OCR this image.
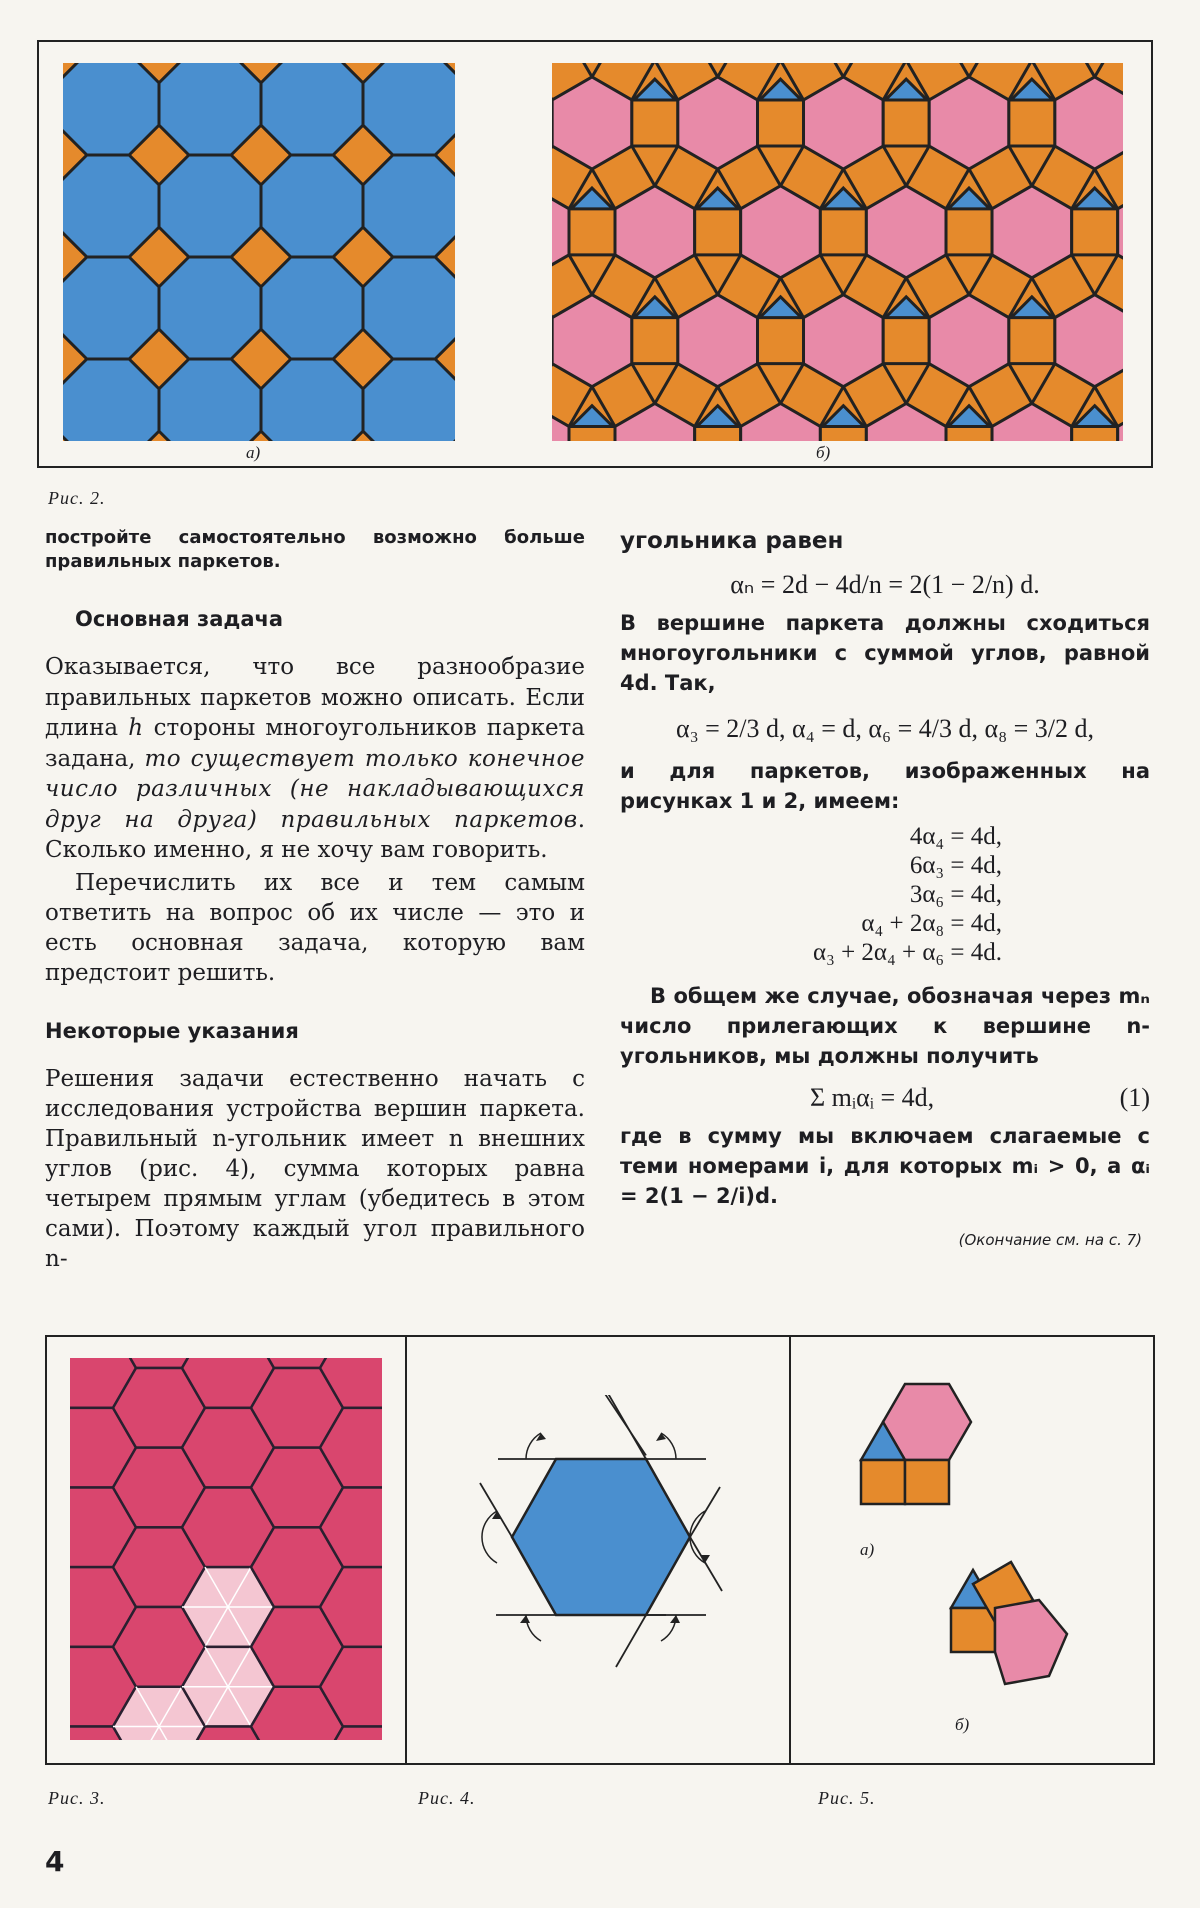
а)	б)
Рис. 2.

постройте самостоятельно возможно больше правильных паркетов.

Основная задача

Оказывается, что все разнообразие правильных паркетов можно описать. Если длина h стороны многоугольников паркета задана, то существует только конечное число различных (не накладывающихся друг на друга) правильных паркетов. Сколько именно, я не хочу вам говорить.

Перечислить их все и тем самым ответить на вопрос об их числе — это и есть основная задача, которую вам предстоит решить.

Некоторые указания

Решения задачи естественно начать с исследования устройства вершин паркета. Правильный n-угольник имеет n внешних углов (рис. 4), сумма которых равна четырем прямым углам (убедитесь в этом сами). Поэтому каждый угол правильного n-

угольника равен

αₙ = 2d − 4d/n = 2(1 − 2/n) d.

В вершине паркета должны сходиться многоугольники с суммой углов, равной 4d. Так,

α₃ = 2/3 d, α₄ = d, α₆ = 4/3 d, α₈ = 3/2 d,

и для паркетов, изображенных на рисунках 1 и 2, имеем:

4α₄ = 4d,
6α₃ = 4d,
3α₆ = 4d,
α₄ + 2α₈ = 4d,
α₃ + 2α₄ + α₆ = 4d.

В общем же случае, обозначая через mₙ число прилегающих к вершине n-угольников, мы должны получить

Σ mᵢαᵢ = 4d,	(1)

где в сумму мы включаем слагаемые с теми номерами i, для которых mᵢ > 0, а αᵢ = 2(1 − 2/i)d.

(Окончание см. на с. 7)

а)
б)
Рис. 3.	Рис. 4.	Рис. 5.
4
